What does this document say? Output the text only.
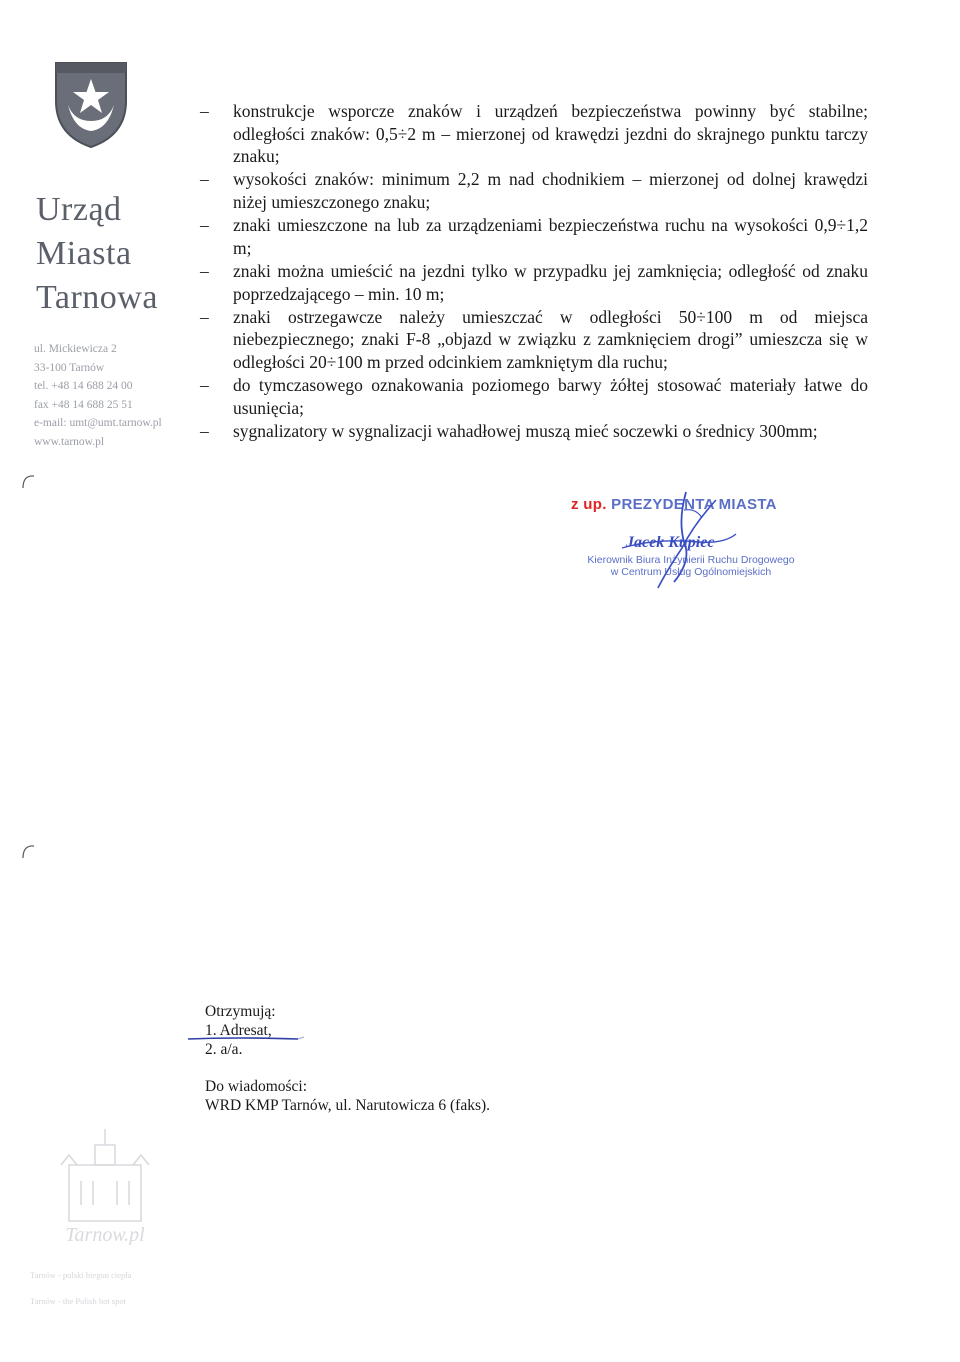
Urząd
Miasta
Tarnowa
ul. Mickiewicza 2
33-100 Tarnów
tel. +48 14 688 24 00
fax +48 14 688 25 51
e-mail: umt@umt.tarnow.pl
www.tarnow.pl
Tarnow.pl
Tarnów - polski biegun ciepła
Tarnów - the Polish hot spot
– konstrukcje wsporcze znaków i urządzeń bezpieczeństwa powinny być stabilne; odległości znaków: 0,5÷2 m – mierzonej od krawędzi jezdni do skrajnego punktu tarczy znaku;
– wysokości znaków: minimum 2,2 m nad chodnikiem – mierzonej od dolnej krawędzi niżej umieszczonego znaku;
– znaki umieszczone na lub za urządzeniami bezpieczeństwa ruchu na wysokości 0,9÷1,2 m;
– znaki można umieścić na jezdni tylko w przypadku jej zamknięcia; odległość od znaku poprzedzającego – min. 10 m;
– znaki ostrzegawcze należy umieszczać w odległości 50÷100 m od miejsca niebezpiecznego; znaki F-8 „objazd w związku z zamknięciem drogi” umieszcza się w odległości 20÷100 m przed odcinkiem zamkniętym dla ruchu;
– do tymczasowego oznakowania poziomego barwy żółtej stosować materiały łatwe do usunięcia;
– sygnalizatory w sygnalizacji wahadłowej muszą mieć soczewki o średnicy 300mm;
z up. PREZYDENTA MIASTA
Jacek Kupiec
Kierownik Biura Inżynierii Ruchu Drogowego
w Centrum Usług Ogólnomiejskich
Otrzymują:
1. Adresat,
2. a/a.
Do wiadomości:
WRD KMP Tarnów, ul. Narutowicza 6 (faks).
